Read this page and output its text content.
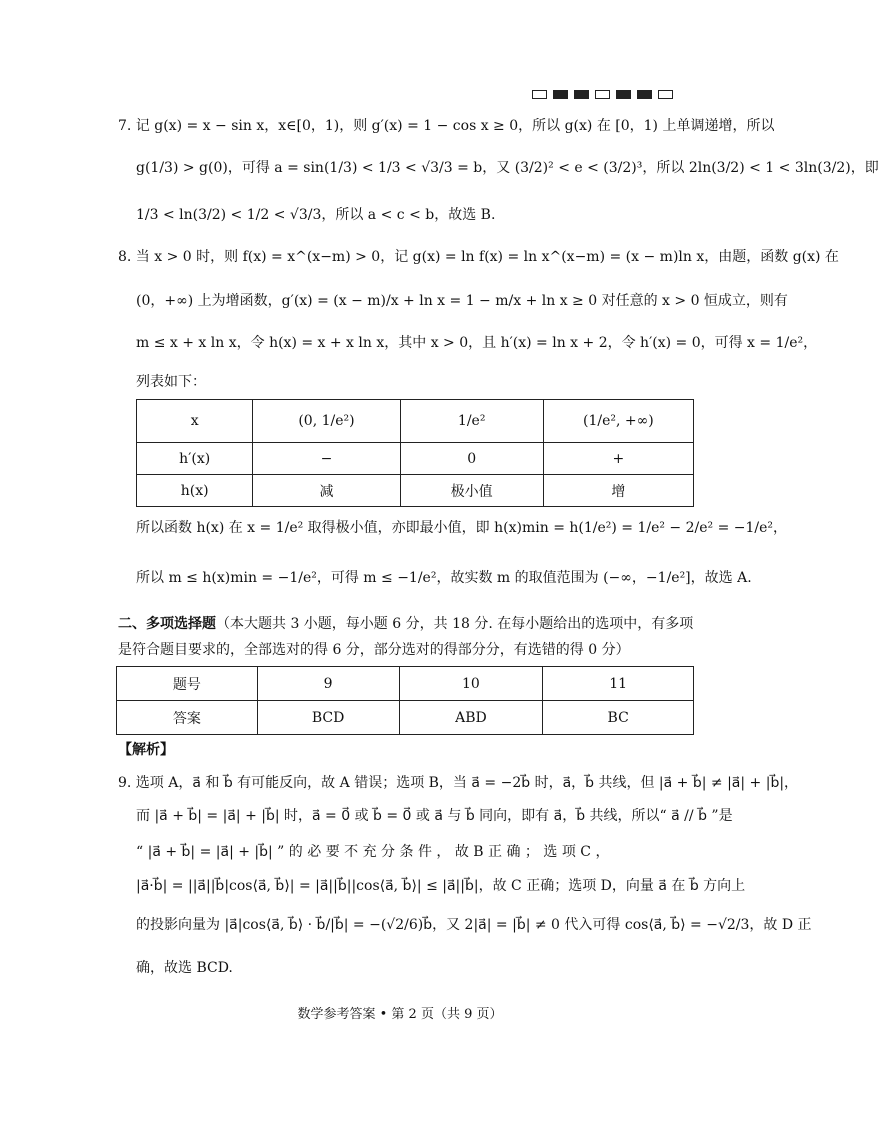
7. 记 g(x) = x − sin x，x∈[0，1)，则 g′(x) = 1 − cos x ≥ 0，所以 g(x) 在 [0，1) 上单调递增，所以
g(1/3) > g(0)，可得 a = sin(1/3) < 1/3 < √3/3 = b，又 (3/2)² < e < (3/2)³，所以 2ln(3/2) < 1 < 3ln(3/2)，即
1/3 < ln(3/2) < 1/2 < √3/3，所以 a < c < b，故选 B.
8. 当 x > 0 时，则 f(x) = x^(x−m) > 0，记 g(x) = ln f(x) = ln x^(x−m) = (x − m)ln x，由题，函数 g(x) 在
(0，+∞) 上为增函数，g′(x) = (x − m)/x + ln x = 1 − m/x + ln x ≥ 0 对任意的 x > 0 恒成立，则有
m ≤ x + x ln x，令 h(x) = x + x ln x，其中 x > 0，且 h′(x) = ln x + 2，令 h′(x) = 0，可得 x = 1/e²，
列表如下：
x	(0, 1/e²)	1/e²	(1/e², +∞)
h′(x)	−	0	+
h(x)	减	极小值	增
所以函数 h(x) 在 x = 1/e² 取得极小值，亦即最小值，即 h(x)min = h(1/e²) = 1/e² − 2/e² = −1/e²，
所以 m ≤ h(x)min = −1/e²，可得 m ≤ −1/e²，故实数 m 的取值范围为 (−∞，−1/e²]，故选 A.
二、多项选择题（本大题共 3 小题，每小题 6 分，共 18 分. 在每小题给出的选项中，有多项
是符合题目要求的，全部选对的得 6 分，部分选对的得部分分，有选错的得 0 分）
题号	9	10	11
答案	BCD	ABD	BC
【解析】
9. 选项 A，a⃗ 和 b⃗ 有可能反向，故 A 错误；选项 B，当 a⃗ = −2b⃗ 时，a⃗，b⃗ 共线，但 |a⃗ + b⃗| ≠ |a⃗| + |b⃗|，
而 |a⃗ + b⃗| = |a⃗| + |b⃗| 时，a⃗ = 0⃗ 或 b⃗ = 0⃗ 或 a⃗ 与 b⃗ 同向，即有 a⃗，b⃗ 共线，所以“ a⃗ // b⃗ ”是
“ |a⃗ + b⃗| = |a⃗| + |b⃗| ” 的 必 要 不 充 分 条 件 ， 故 B 正 确 ； 选 项 C ，
|a⃗·b⃗| = ||a⃗||b⃗|cos⟨a⃗, b⃗⟩| = |a⃗||b⃗||cos⟨a⃗, b⃗⟩| ≤ |a⃗||b⃗|，故 C 正确；选项 D，向量 a⃗ 在 b⃗ 方向上
的投影向量为 |a⃗|cos⟨a⃗, b⃗⟩ · b⃗/|b⃗| = −(√2/6)b⃗，又 2|a⃗| = |b⃗| ≠ 0 代入可得 cos⟨a⃗, b⃗⟩ = −√2/3，故 D 正
确，故选 BCD.
数学参考答案 • 第 2 页（共 9 页）
